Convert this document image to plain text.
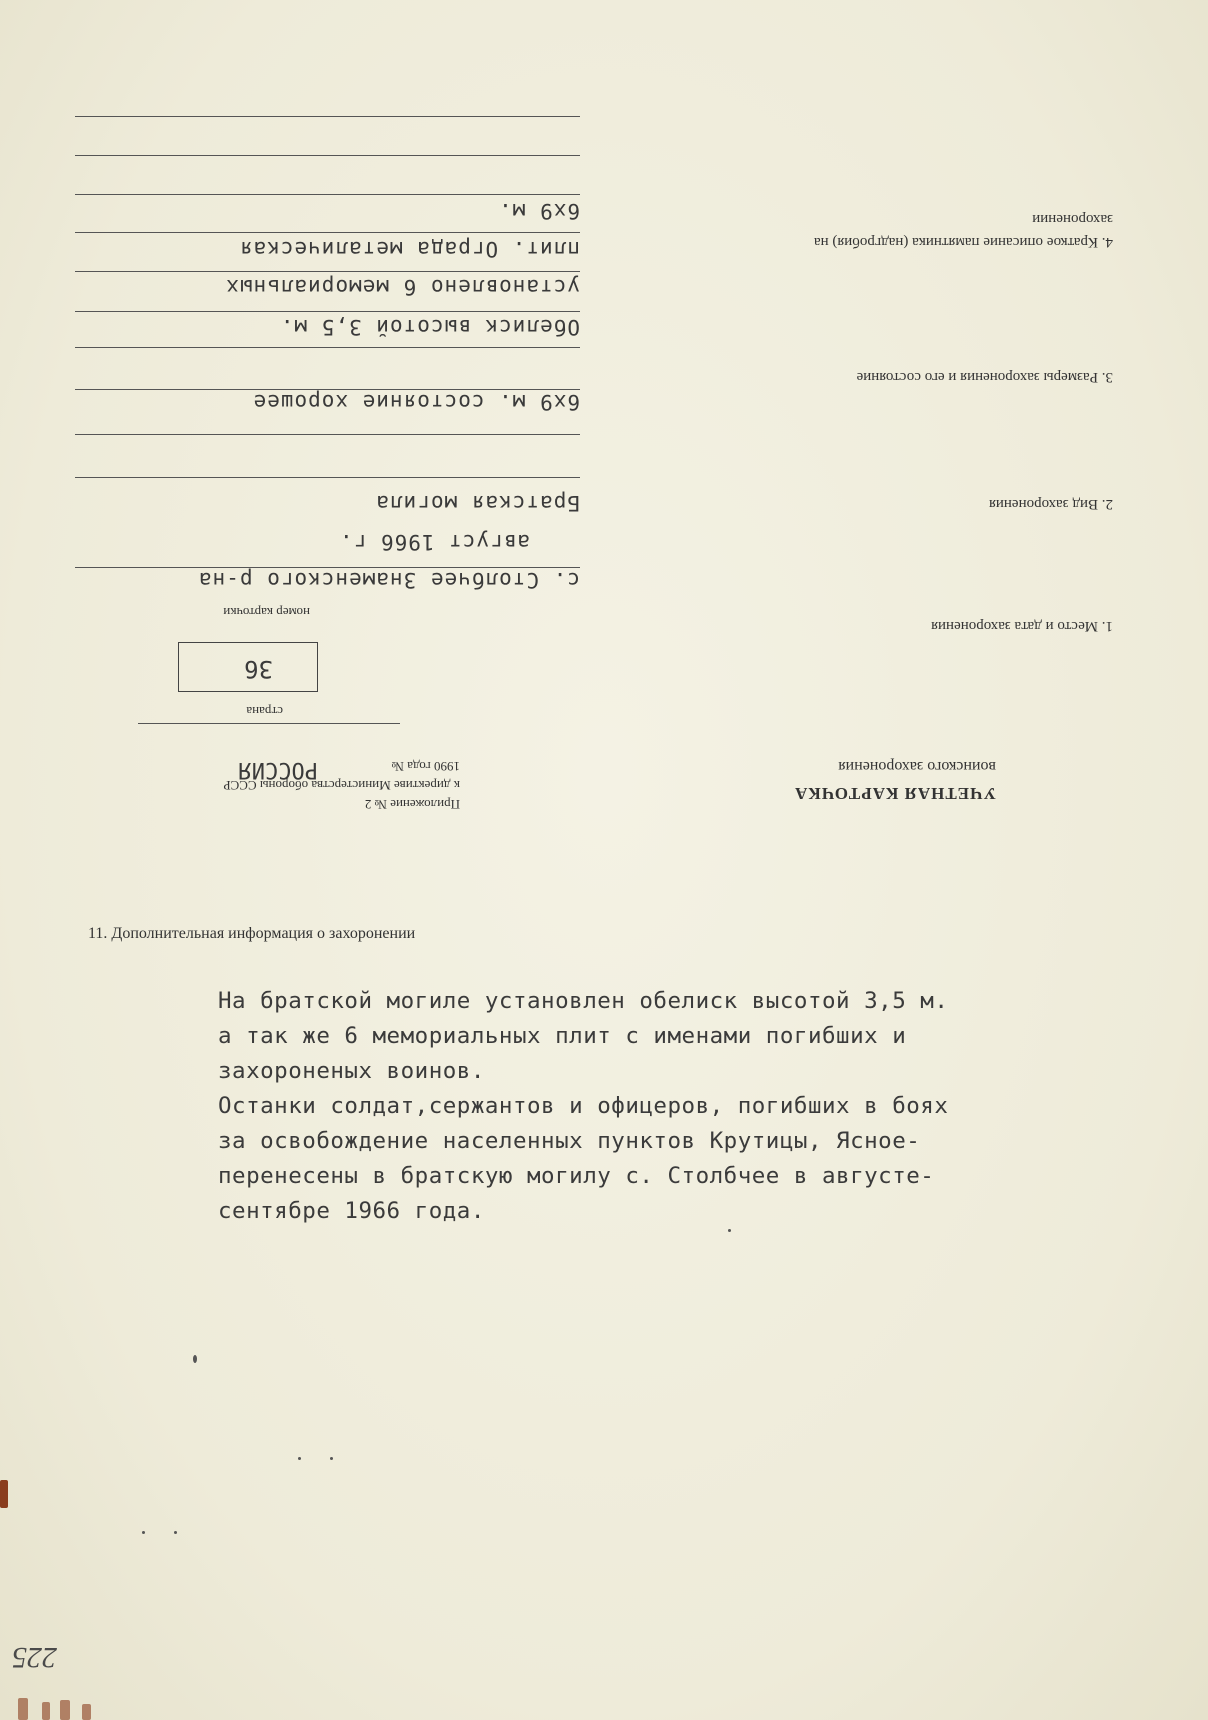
УЧЕТНАЯ КАРТОЧКА
воинского захоронения
Приложение № 2
к директиве Министерства обороны СССР
1990 года №
РОССИЯ
страна
36
номер карточки
1. Место и дата захоронения
2. Вид захоронения
3. Размеры захоронения и его состояние
4. Краткое описание памятника (надгробия) на
захоронении
с. Столбчее Знаменского р-на
август 1966 г.
Братская могила
6х9 м. состояние хорошее
Обелиск высотой 3,5 м.
установлено 6 мемориальных
плит. Ограда металическая
6х9 м.
11. Дополнительная информация о захоронении
На братской могиле установлен обелиск высотой 3,5 м.
а так же 6 мемориальных плит с именами погибших и
захороненых воинов.
Останки солдат,сержантов и офицеров, погибших в боях
за освобождение населенных пунктов Крутицы, Ясное-
перенесены в братскую могилу с. Столбчее в августе-
сентябре 1966 года.
225
